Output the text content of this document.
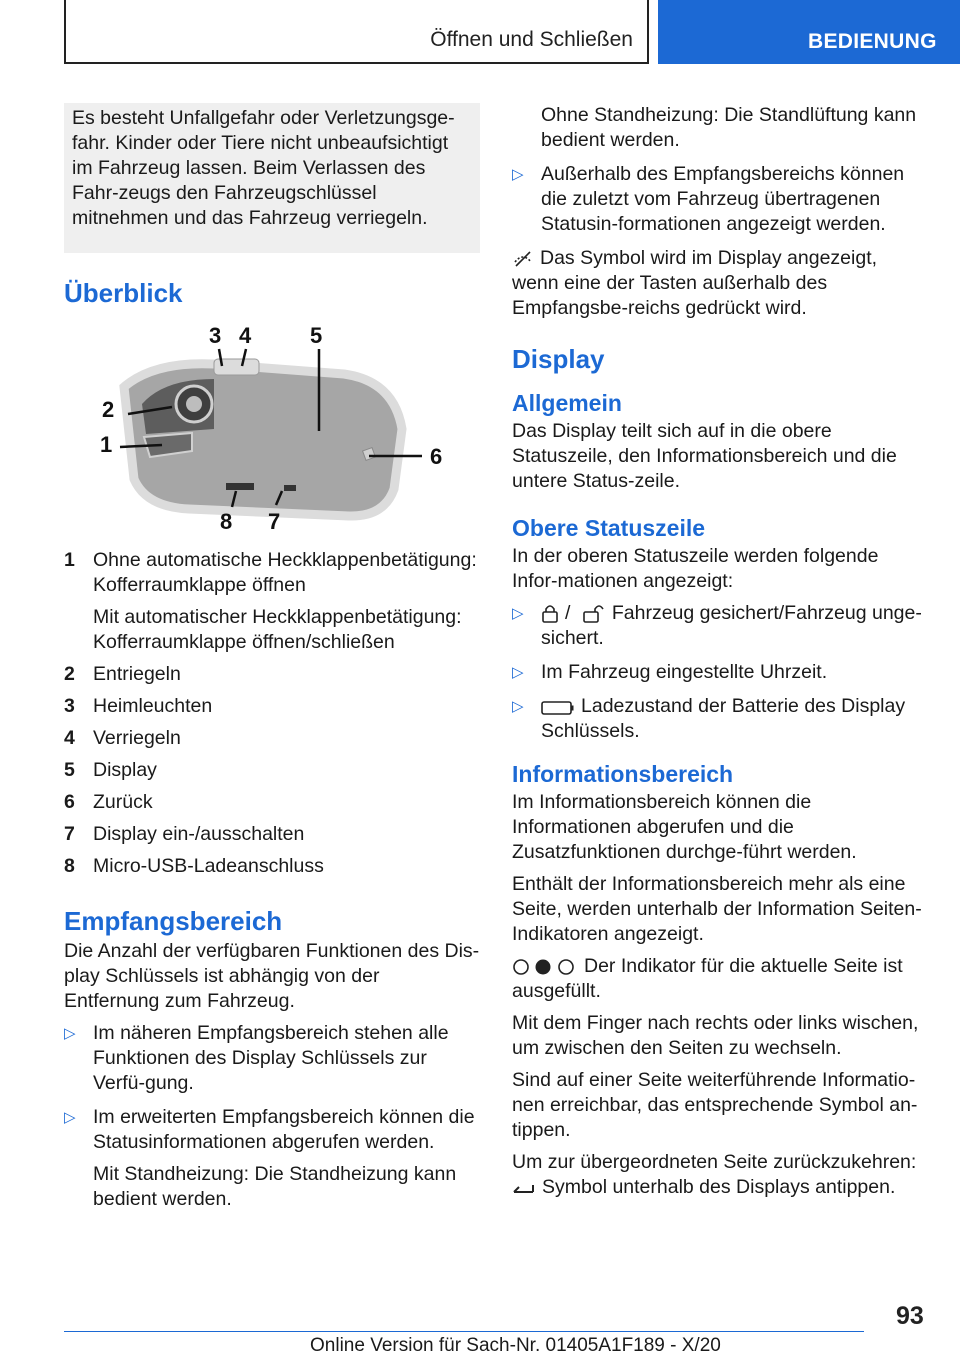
Öffnen und Schließen	BEDIENUNG
Es besteht Unfallgefahr oder Verletzungsge-fahr. Kinder oder Tiere nicht unbeaufsichtigt im Fahrzeug lassen. Beim Verlassen des Fahr-zeugs den Fahrzeugschlüssel mitnehmen und das Fahrzeug verriegeln.
Überblick
3 4	5
2
1	6
7
8
1 Ohne automatische Heckklappenbetätigung: Kofferraumklappe öffnen
Mit automatischer Heckklappenbetätigung: Kofferraumklappe öffnen/schließen
2 Entriegeln
3 Heimleuchten
4 Verriegeln
5 Display
6 Zurück
7 Display ein-/ausschalten
8 Micro-USB-Ladeanschluss
Empfangsbereich

Die Anzahl der verfügbaren Funktionen des Dis-play Schlüssels ist abhängig von der Entfernung zum Fahrzeug.

▷ Im näheren Empfangsbereich stehen alle Funktionen des Display Schlüssels zur Verfü-gung.
▷ Im erweiterten Empfangsbereich können die Statusinformationen abgerufen werden.
Mit Standheizung: Die Standheizung kann bedient werden.
Ohne Standheizung: Die Standlüftung kann bedient werden.
▷ Außerhalb des Empfangsbereichs können die zuletzt vom Fahrzeug übertragenen Statusin-formationen angezeigt werden.

Das Symbol wird im Display angezeigt, wenn eine der Tasten außerhalb des Empfangsbe-reichs gedrückt wird.

Display
Allgemein

Das Display teilt sich auf in die obere Statuszeile, den Informationsbereich und die untere Status-zeile.

Obere Statuszeile

In der oberen Statuszeile werden folgende Infor-mationen angezeigt:

▷	/ Fahrzeug gesichert/Fahrzeug unge-sichert.
▷ Im Fahrzeug eingestellte Uhrzeit.
▷	Ladezustand der Batterie des Display Schlüssels.
Informationsbereich

Im Informationsbereich können die Informationen abgerufen und die Zusatzfunktionen durchge-führt werden.

Enthält der Informationsbereich mehr als eine Seite, werden unterhalb der Information Seiten-Indikatoren angezeigt.

Der Indikator für die aktuelle Seite ist ausgefüllt.

Mit dem Finger nach rechts oder links wischen, um zwischen den Seiten zu wechseln.

Sind auf einer Seite weiterführende Informatio-nen erreichbar, das entsprechende Symbol an-tippen.

Um zur übergeordneten Seite zurückzukehren:

Symbol unterhalb des Displays antippen.

93
Online Version für Sach-Nr. 01405A1F189 - X/20
